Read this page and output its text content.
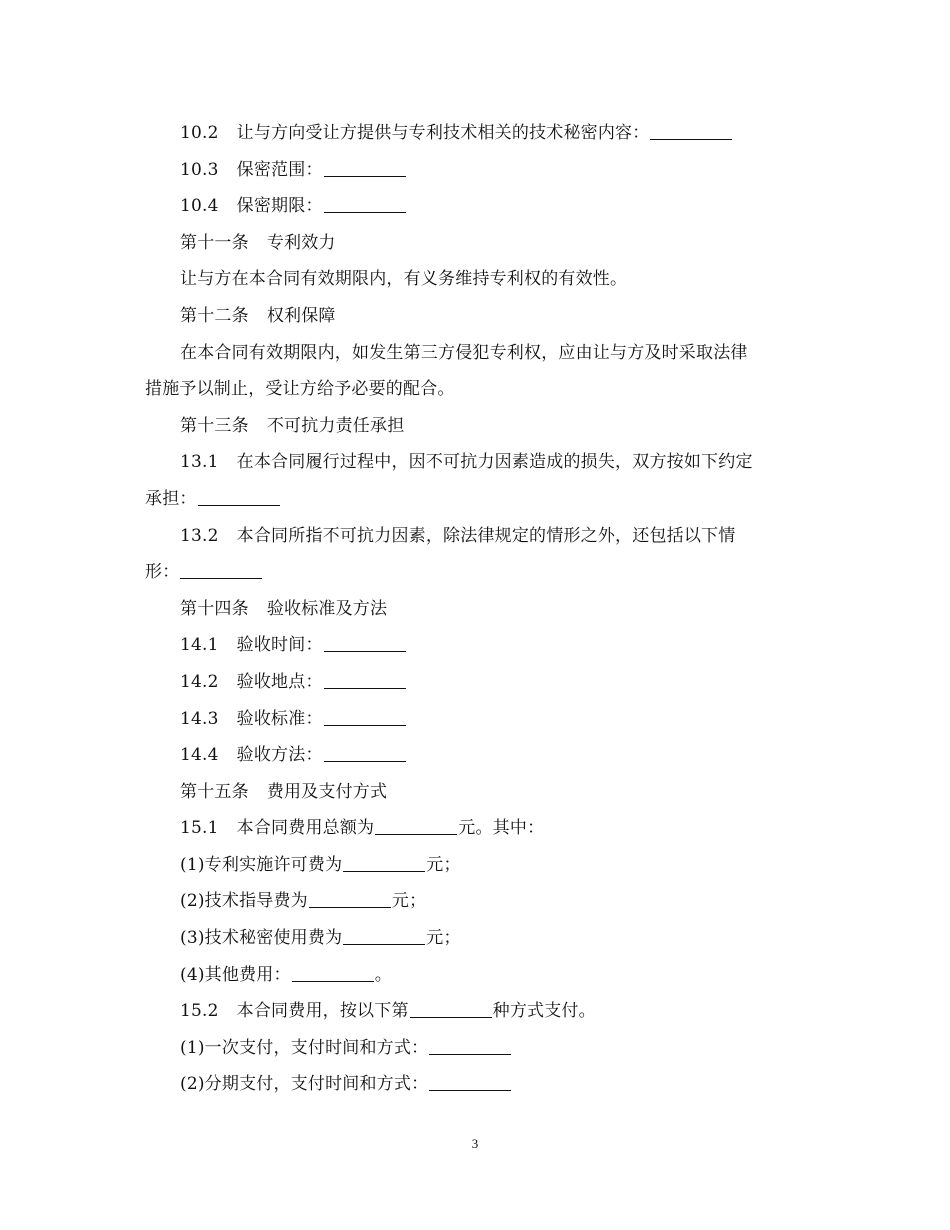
10.2 让与方向受让方提供与专利技术相关的技术秘密内容：
10.3 保密范围：
10.4 保密期限：
第十一条 专利效力
让与方在本合同有效期限内，有义务维持专利权的有效性。
第十二条 权利保障
在本合同有效期限内，如发生第三方侵犯专利权，应由让与方及时采取法律
措施予以制止，受让方给予必要的配合。
第十三条 不可抗力责任承担
13.1 在本合同履行过程中，因不可抗力因素造成的损失，双方按如下约定
承担：
13.2 本合同所指不可抗力因素，除法律规定的情形之外，还包括以下情
形：
第十四条 验收标准及方法
14.1 验收时间：
14.2 验收地点：
14.3 验收标准：
14.4 验收方法：
第十五条 费用及支付方式
15.1 本合同费用总额为	元。其中：
(1)专利实施许可费为	元；
(2)技术指导费为	元；
(3)技术秘密使用费为	元；
(4)其他费用：	。
15.2 本合同费用，按以下第	种方式支付。
(1)一次支付，支付时间和方式：
(2)分期支付，支付时间和方式：
3
